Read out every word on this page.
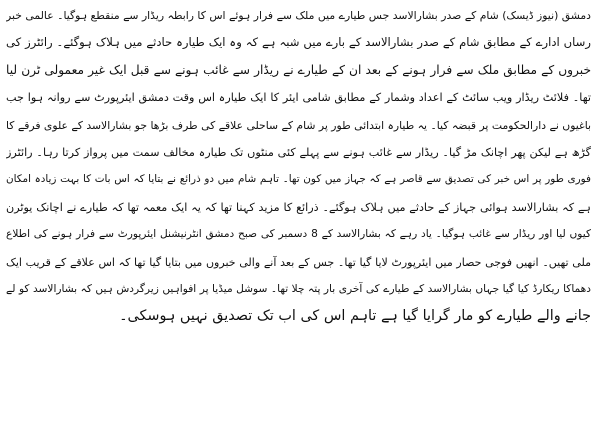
دمشق (نیوز ڈیسک) شام کے صدر بشارالاسد جس طیارے میں ملک سے فرار ہوئے اس کا رابطہ ریڈار سے منقطع ہوگیا۔ عالمی خبر
رساں ادارے کے مطابق شام کے صدر بشارالاسد کے بارے میں شبہ ہے کہ وہ ایک طیارہ حادثے میں ہلاک ہوگئے۔ رائٹرز کی
خبروں کے مطابق ملک سے فرار ہونے کے بعد ان کے طیارے نے ریڈار سے غائب ہونے سے قبل ایک غیر معمولی ٹرن لیا
تھا۔ فلائٹ ریڈار ویب سائٹ کے اعداد وشمار کے مطابق شامی ایئر کا ایک طیارہ اس وقت دمشق ایئرپورٹ سے روانہ ہوا جب
باغیوں نے دارالحکومت پر قبضہ کیا۔ یہ طیارہ ابتدائی طور پر شام کے ساحلی علاقے کی طرف بڑھا جو بشارالاسد کے علوی فرقے کا
گڑھ ہے لیکن پھر اچانک مڑ گیا۔ ریڈار سے غائب ہونے سے پہلے کئی منٹوں تک طیارہ مخالف سمت میں پرواز کرتا رہا۔ رائٹرز
فوری طور پر اس خبر کی تصدیق سے قاصر ہے کہ جہاز میں کون تھا۔ تاہم شام میں دو ذرائع نے بتایا کہ اس بات کا بہت زیادہ امکان
ہے کہ بشارالاسد ہوائی جہاز کے حادثے میں ہلاک ہوگئے۔ ذرائع کا مزید کہنا تھا کہ یہ ایک معمہ تھا کہ طیارے نے اچانک یوٹرن
کیوں لیا اور ریڈار سے غائب ہوگیا۔ یاد رہے کہ بشارالاسد کے 8 دسمبر کی صبح دمشق انٹرنیشنل ایئرپورٹ سے فرار ہونے کی اطلاع
ملی تھیں۔ انھیں فوجی حصار میں ایئرپورٹ لایا گیا تھا۔ جس کے بعد آنے والی خبروں میں بتایا گیا تھا کہ اس علاقے کے قریب ایک
دھماکا ریکارڈ کیا گیا جہاں بشارالاسد کے طیارے کی آخری بار پتہ چلا تھا۔ سوشل میڈیا پر افواہیں زیرگردش ہیں کہ بشارالاسد کو لے
جانے والے طیارے کو مار گرایا گیا ہے تاہم اس کی اب تک تصدیق نہیں ہوسکی۔
